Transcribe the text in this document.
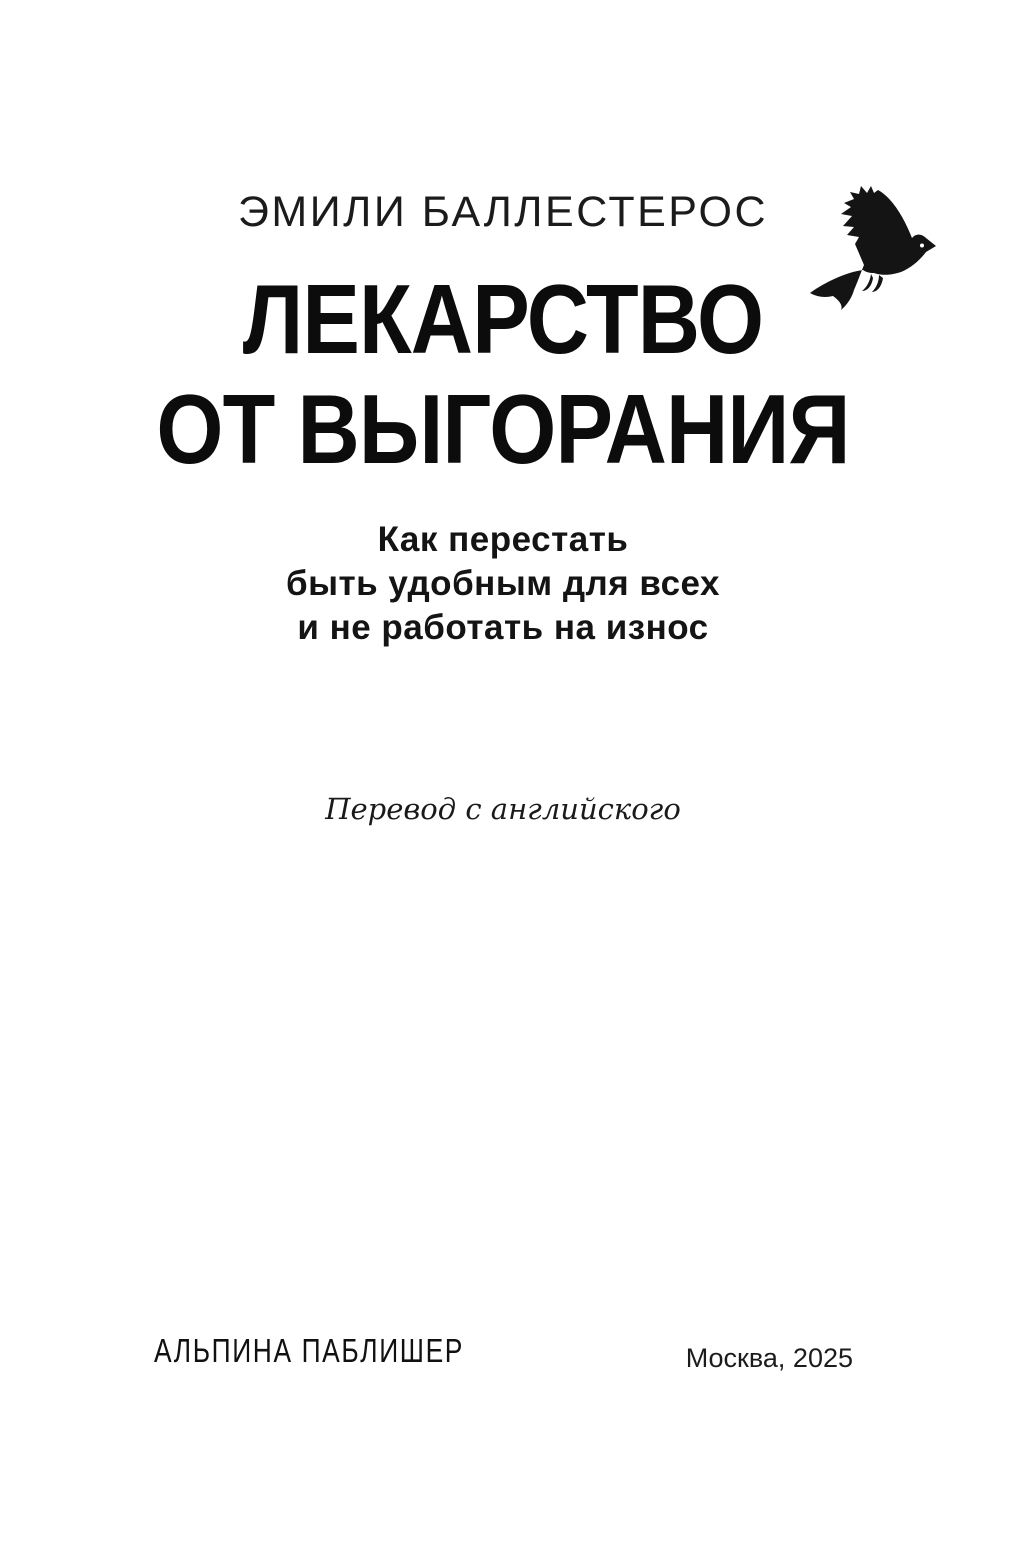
ЭМИЛИ БАЛЛЕСТЕРОС
ЛЕКАРСТВО
ОТ ВЫГОРАНИЯ
Как перестать
быть удобным для всех
и не работать на износ
Перевод с английского
АЛЬПИНА ПАБЛИШЕР	Москва, 2025
